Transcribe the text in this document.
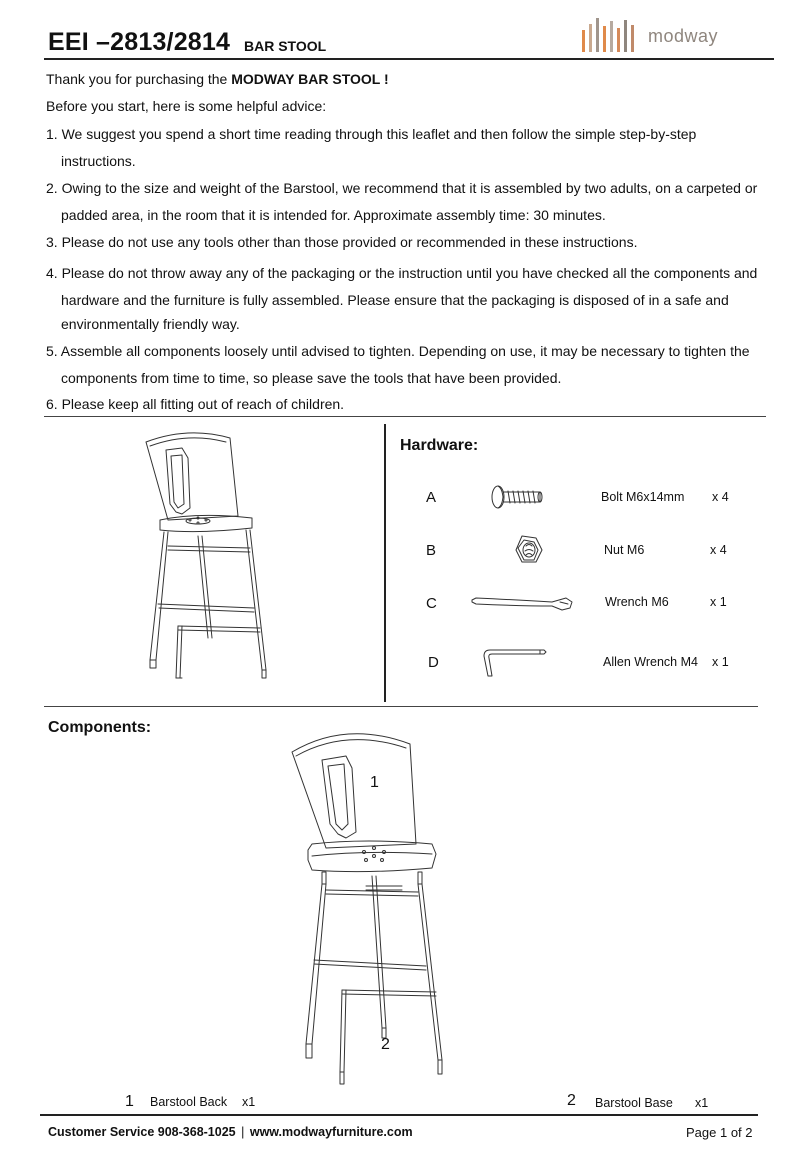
EEI –2813/2814 BAR STOOL	modway
Thank you for purchasing the MODWAY BAR STOOL !
Before you start, here is some helpful advice:
1. We suggest you spend a short time reading through this leaflet and then follow the simple step-by-step
instructions.
2. Owing to the size and weight of the Barstool, we recommend that it is assembled by two adults, on a carpeted or
padded area, in the room that it is intended for. Approximate assembly time: 30 minutes.
3. Please do not use any tools other than those provided or recommended in these instructions.
4. Please do not throw away any of the packaging or the instruction until you have checked all the components and
hardware and the furniture is fully assembled. Please ensure that the packaging is disposed of in a safe and
environmentally friendly way.
5. Assemble all components loosely until advised to tighten. Depending on use, it may be necessary to tighten the
components from time to time, so please save the tools that have been provided.
6. Please keep all fitting out of reach of children.
Hardware:
A	Bolt M6x14mm x 4
B	Nut M6	x 4
C	Wrench M6	x 1
D	Allen Wrench M4 x 1
Components:
1
2
1 Barstool Back x1	2 Barstool Base x1
Customer Service 908-368-1025 | www.modwayfurniture.com	Page 1 of 2
